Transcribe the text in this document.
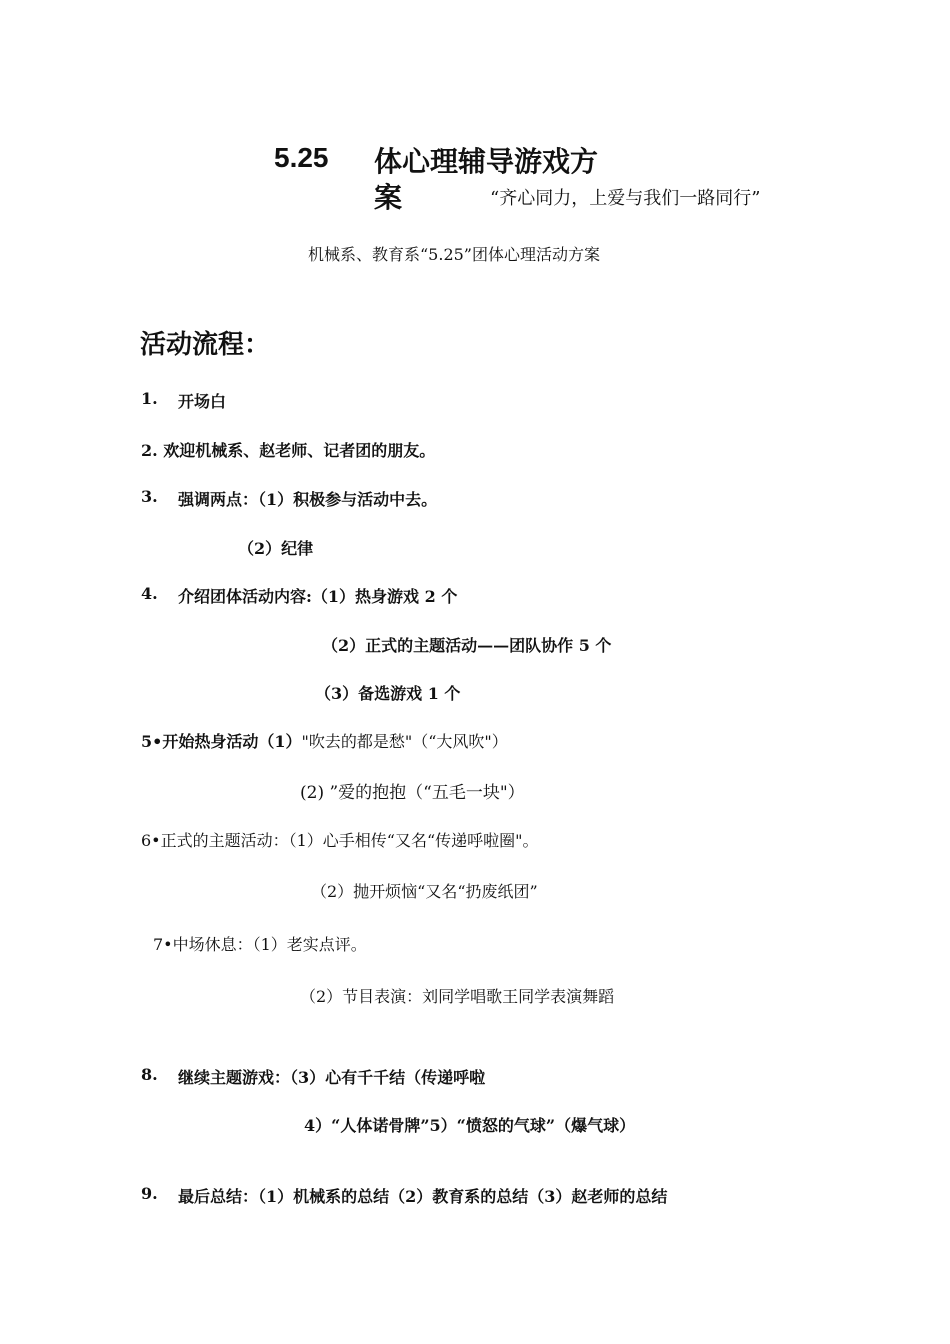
5.25 体心理辅导游戏方
案	“齐心同力，上爱与我们一路同行”
机械系、教育系“5.25”团体心理活动方案
活动流程：
1. 开场白
2. 欢迎机械系、赵老师、记者团的朋友。
3. 强调两点：（1）积极参与活动中去。
（2）纪律
4. 介绍团体活动内容:（1）热身游戏 2 个
（2）正式的主题活动——团队协作 5 个
（3）备选游戏 1 个
5•开始热身活动（1）"吹去的都是愁"（“大风吹"）
(2) ”爱的抱抱（“五毛一块"）
6•正式的主题活动：（1）心手相传“又名“传递呼啦圈"。
（2）抛开烦恼“又名“扔废纸团”
7•中场休息：（1）老实点评。
（2）节目表演：刘同学唱歌王同学表演舞蹈
8. 继续主题游戏：（3）心有千千结（传递呼啦
4）“人体诺骨牌”5）“愤怒的气球”（爆气球）
9. 最后总结：（1）机械系的总结（2）教育系的总结（3）赵老师的总结
